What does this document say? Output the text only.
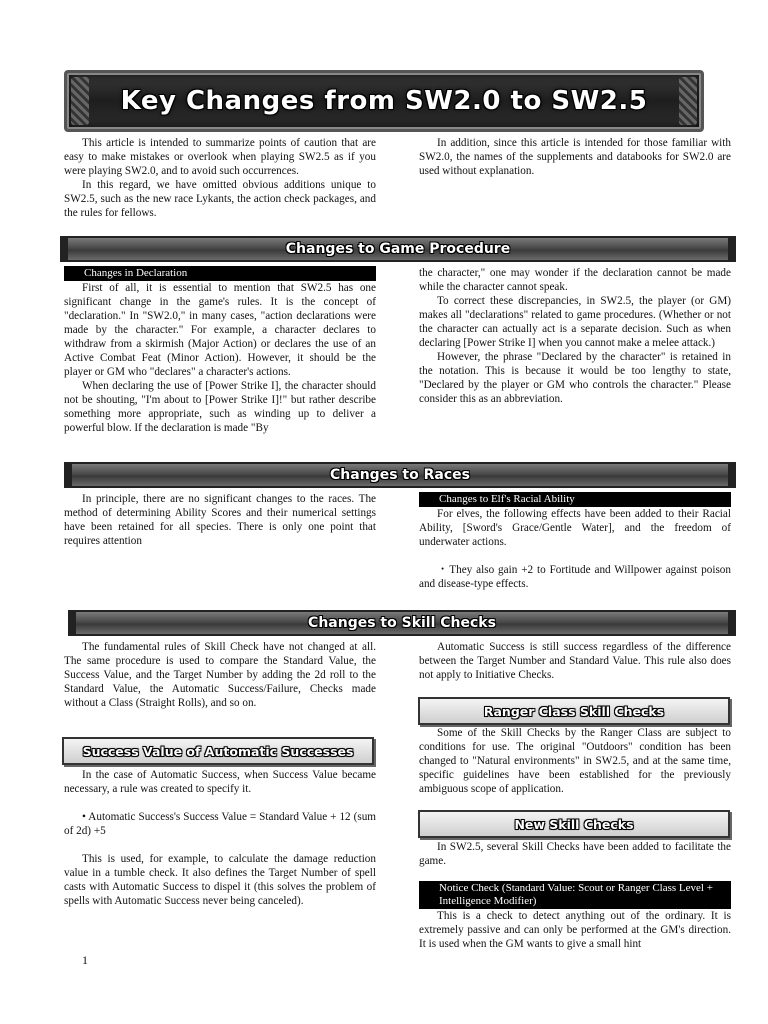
Key Changes from SW2.0 to SW2.5

This article is intended to summarize points of caution that are easy to make mistakes or overlook when playing SW2.5 as if you were playing SW2.0, and to avoid such occurrences.

In this regard, we have omitted obvious additions unique to SW2.5, such as the new race Lykants, the action check packages, and the rules for fellows.

In addition, since this article is intended for those familiar with SW2.0, the names of the supplements and databooks for SW2.0 are used without explanation.

Changes to Game Procedure
Changes in Declaration

First of all, it is essential to mention that SW2.5 has one significant change in the game's rules. It is the concept of "declaration." In "SW2.0," in many cases, "action declarations were made by the character." For example, a character declares to withdraw from a skirmish (Major Action) or declares the use of an Active Combat Feat (Minor Action). However, it should be the player or GM who "declares" a character's actions.

When declaring the use of [Power Strike I], the character should not be shouting, "I'm about to [Power Strike I]!" but rather describe something more appropriate, such as winding up to deliver a powerful blow. If the declaration is made "By

the character," one may wonder if the declaration cannot be made while the character cannot speak.

To correct these discrepancies, in SW2.5, the player (or GM) makes all "declarations" related to game procedures. (Whether or not the character can actually act is a separate decision. Such as when declaring [Power Strike I] when you cannot make a melee attack.)

However, the phrase "Declared by the character" is retained in the notation. This is because it would be too lengthy to state, "Declared by the player or GM who controls the character." Please consider this as an abbreviation.

Changes to Races

In principle, there are no significant changes to the races. The method of determining Ability Scores and their numerical settings have been retained for all species. There is only one point that requires attention

Changes to Elf's Racial Ability

For elves, the following effects have been added to their Racial Ability, [Sword's Grace/Gentle Water], and the freedom of underwater actions.

・They also gain +2 to Fortitude and Willpower against poison and disease-type effects.

Changes to Skill Checks

The fundamental rules of Skill Check have not changed at all. The same procedure is used to compare the Standard Value, the Success Value, and the Target Number by adding the 2d roll to the Standard Value, the Automatic Success/Failure, Checks made without a Class (Straight Rolls), and so on.

Success Value of Automatic Successes

In the case of Automatic Success, when Success Value became necessary, a rule was created to specify it.

• Automatic Success's Success Value = Standard Value + 12 (sum of 2d) +5

This is used, for example, to calculate the damage reduction value in a tumble check. It also defines the Target Number of spell casts with Automatic Success to dispel it (this solves the problem of spells with Automatic Success never being canceled).

Automatic Success is still success regardless of the difference between the Target Number and Standard Value. This rule also does not apply to Initiative Checks.

Ranger Class Skill Checks

Some of the Skill Checks by the Ranger Class are subject to conditions for use. The original "Outdoors" condition has been changed to "Natural environments" in SW2.5, and at the same time, specific guidelines have been established for the previously ambiguous scope of application.

New Skill Checks

In SW2.5, several Skill Checks have been added to facilitate the game.

Notice Check (Standard Value: Scout or Ranger Class Level + Intelligence Modifier)

This is a check to detect anything out of the ordinary. It is extremely passive and can only be performed at the GM's direction. It is used when the GM wants to give a small hint

1
